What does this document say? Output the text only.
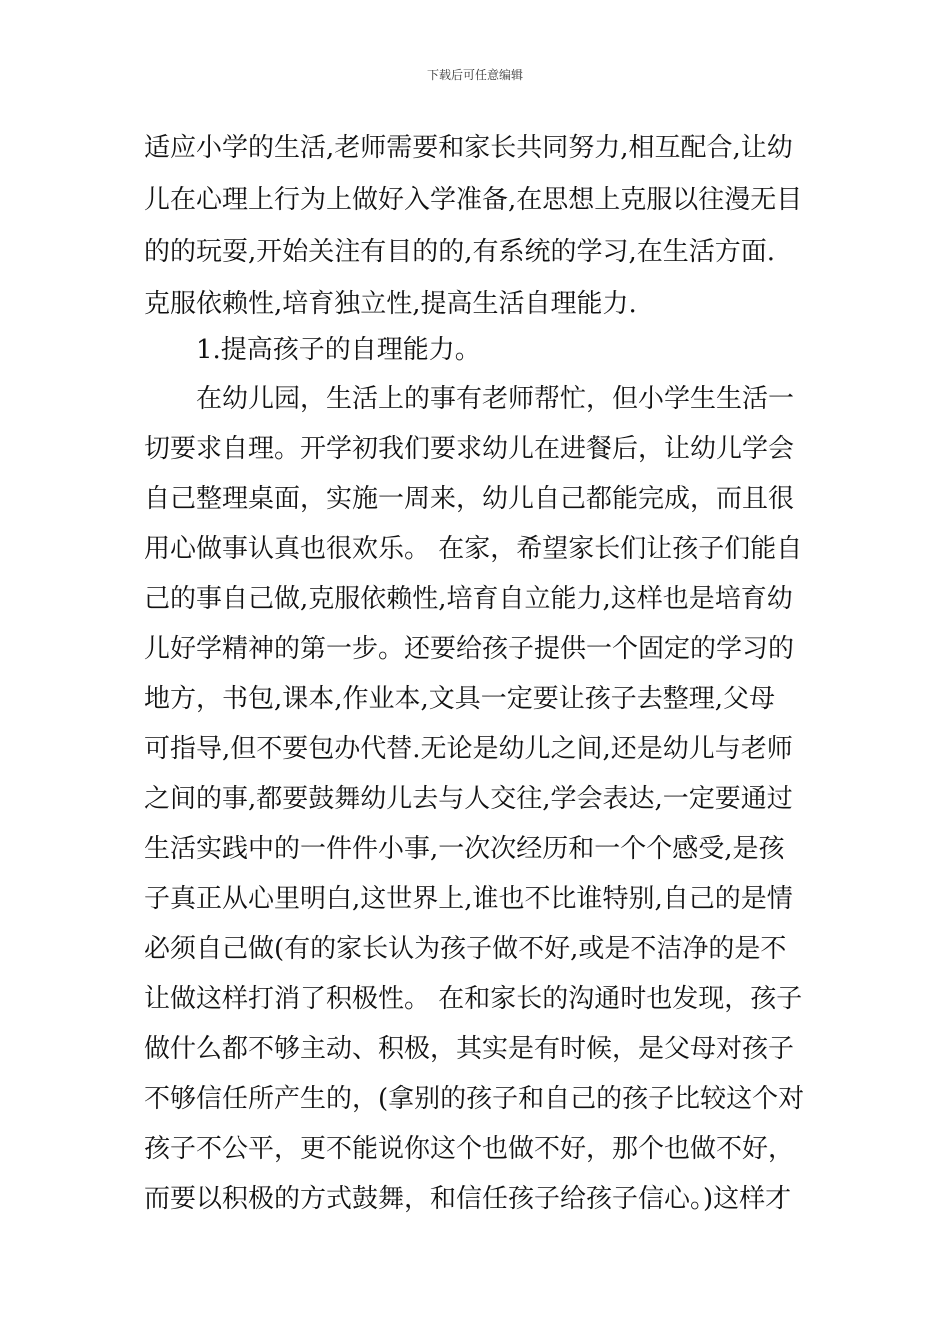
下载后可任意编辑
适应小学的生活,老师需要和家长共同努力,相互配合,让幼
儿在心理上行为上做好入学准备,在思想上克服以往漫无目
的的玩耍,开始关注有目的的,有系统的学习,在生活方面.
克服依赖性,培育独立性,提高生活自理能力.
1.提高孩子的自理能力。
在幼儿园，生活上的事有老师帮忙，但小学生生活一
切要求自理。开学初我们要求幼儿在进餐后，让幼儿学会
自己整理桌面，实施一周来，幼儿自己都能完成，而且很
用心做事认真也很欢乐。 在家，希望家长们让孩子们能自
己的事自己做,克服依赖性,培育自立能力,这样也是培育幼
儿好学精神的第一步。还要给孩子提供一个固定的学习的
地方，书包,课本,作业本,文具一定要让孩子去整理,父母
可指导,但不要包办代替.无论是幼儿之间,还是幼儿与老师
之间的事,都要鼓舞幼儿去与人交往,学会表达,一定要通过
生活实践中的一件件小事,一次次经历和一个个感受,是孩
子真正从心里明白,这世界上,谁也不比谁特别,自己的是情
必须自己做(有的家长认为孩子做不好,或是不洁净的是不
让做这样打消了积极性。 在和家长的沟通时也发现，孩子
做什么都不够主动、积极，其实是有时候，是父母对孩子
不够信任所产生的，(拿别的孩子和自己的孩子比较这个对
孩子不公平，更不能说你这个也做不好，那个也做不好，
而要以积极的方式鼓舞，和信任孩子给孩子信心。)这样才
